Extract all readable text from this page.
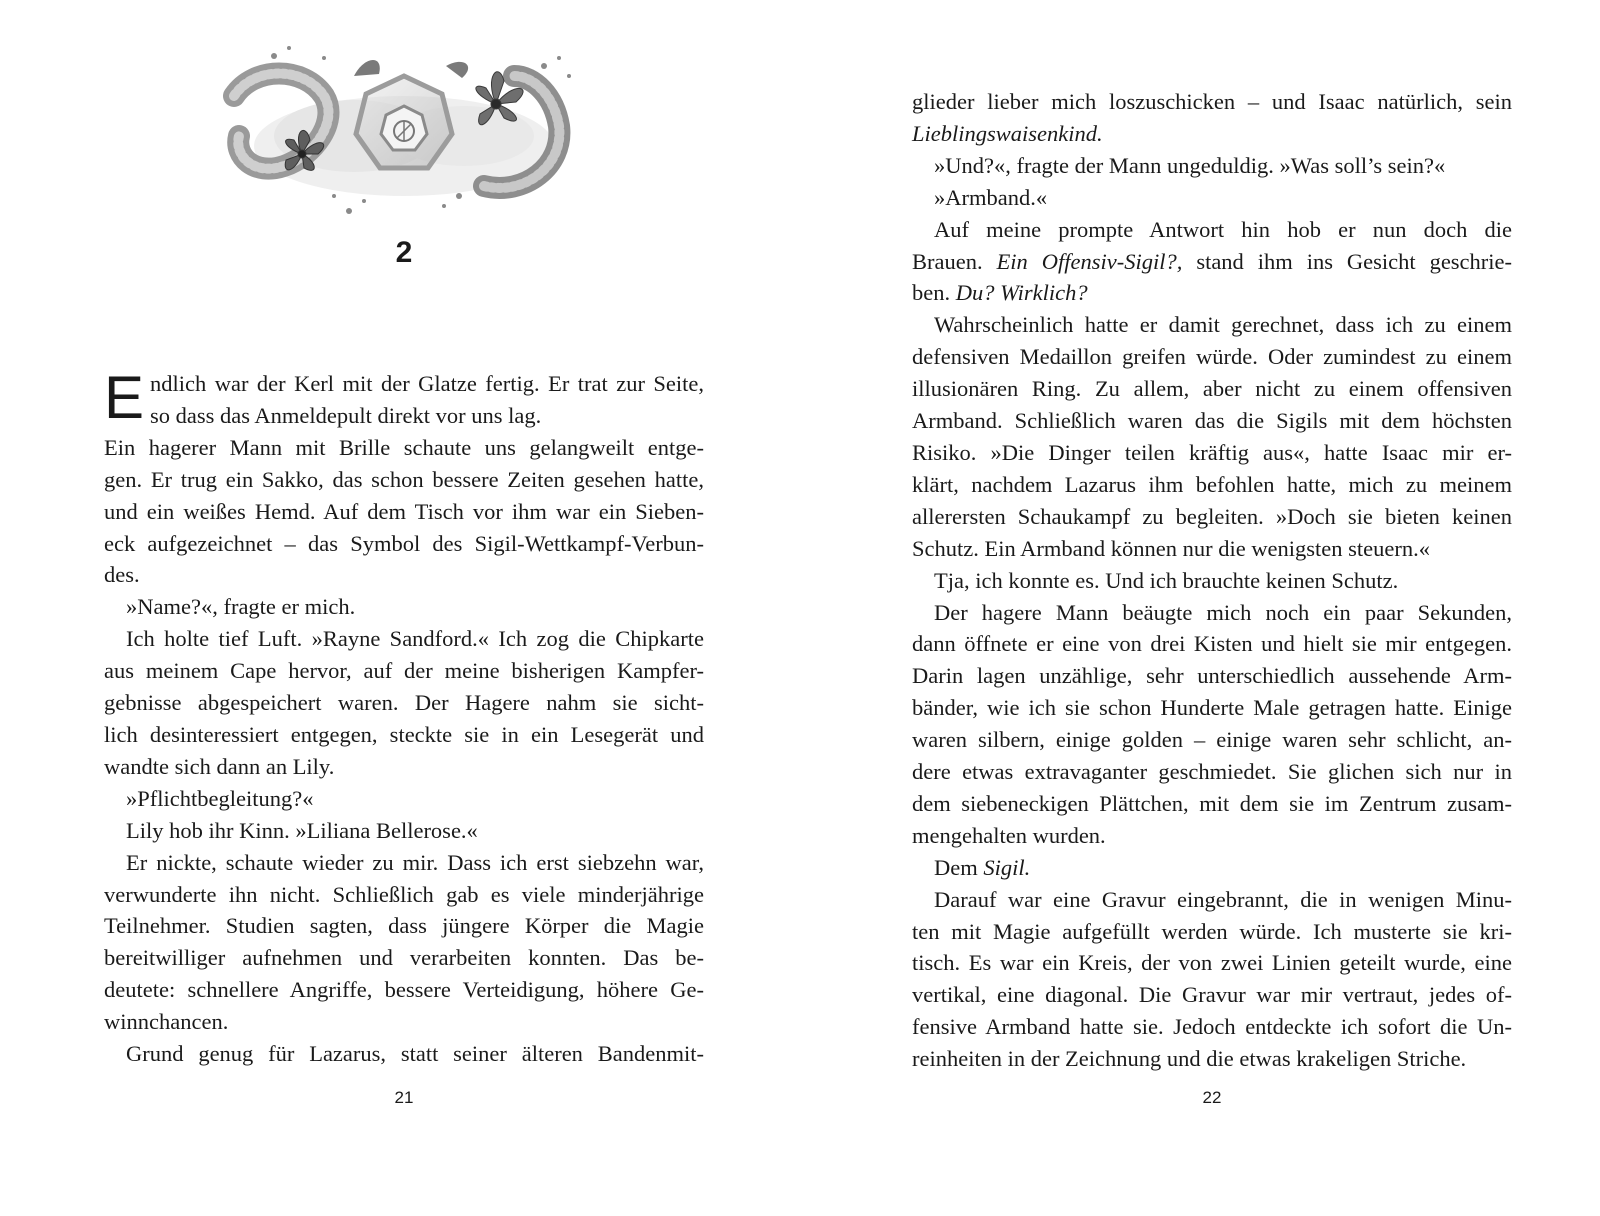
2

Endlich war der Kerl mit der Glatze fertig. Er trat zur Seite,

so dass das Anmeldepult direkt vor uns lag.

Ein hagerer Mann mit Brille schaute uns gelangweilt entge-

gen. Er trug ein Sakko, das schon bessere Zeiten gesehen hatte,

und ein weißes Hemd. Auf dem Tisch vor ihm war ein Sieben-

eck aufgezeichnet – das Symbol des Sigil-Wettkampf-Verbun-

des.

»Name?«, fragte er mich.

Ich holte tief Luft. »Rayne Sandford.« Ich zog die Chipkarte

aus meinem Cape hervor, auf der meine bisherigen Kampfer-

gebnisse abgespeichert waren. Der Hagere nahm sie sicht-

lich desinteressiert entgegen, steckte sie in ein Lesegerät und

wandte sich dann an Lily.

»Pflichtbegleitung?«

Lily hob ihr Kinn. »Liliana Bellerose.«

Er nickte, schaute wieder zu mir. Dass ich erst siebzehn war,

verwunderte ihn nicht. Schließlich gab es viele minderjährige

Teilnehmer. Studien sagten, dass jüngere Körper die Magie

bereitwilliger aufnehmen und verarbeiten konnten. Das be-

deutete: schnellere Angriffe, bessere Verteidigung, höhere Ge-

winnchancen.

Grund genug für Lazarus, statt seiner älteren Bandenmit-

21

glieder lieber mich loszuschicken – und Isaac natürlich, sein

Lieblingswaisenkind.

»Und?«, fragte der Mann ungeduldig. »Was soll’s sein?«

»Armband.«

Auf meine prompte Antwort hin hob er nun doch die

Brauen. Ein Offensiv-Sigil?, stand ihm ins Gesicht geschrie-

ben. Du? Wirklich?

Wahrscheinlich hatte er damit gerechnet, dass ich zu einem

defensiven Medaillon greifen würde. Oder zumindest zu einem

illusionären Ring. Zu allem, aber nicht zu einem offensiven

Armband. Schließlich waren das die Sigils mit dem höchsten

Risiko. »Die Dinger teilen kräftig aus«, hatte Isaac mir er-

klärt, nachdem Lazarus ihm befohlen hatte, mich zu meinem

allerersten Schaukampf zu begleiten. »Doch sie bieten keinen

Schutz. Ein Armband können nur die wenigsten steuern.«

Tja, ich konnte es. Und ich brauchte keinen Schutz.

Der hagere Mann beäugte mich noch ein paar Sekunden,

dann öffnete er eine von drei Kisten und hielt sie mir entgegen.

Darin lagen unzählige, sehr unterschiedlich aussehende Arm-

bänder, wie ich sie schon Hunderte Male getragen hatte. Einige

waren silbern, einige golden – einige waren sehr schlicht, an-

dere etwas extravaganter geschmiedet. Sie glichen sich nur in

dem siebeneckigen Plättchen, mit dem sie im Zentrum zusam-

mengehalten wurden.

Dem Sigil.

Darauf war eine Gravur eingebrannt, die in wenigen Minu-

ten mit Magie aufgefüllt werden würde. Ich musterte sie kri-

tisch. Es war ein Kreis, der von zwei Linien geteilt wurde, eine

vertikal, eine diagonal. Die Gravur war mir vertraut, jedes of-

fensive Armband hatte sie. Jedoch entdeckte ich sofort die Un-

reinheiten in der Zeichnung und die etwas krakeligen Striche.

22
